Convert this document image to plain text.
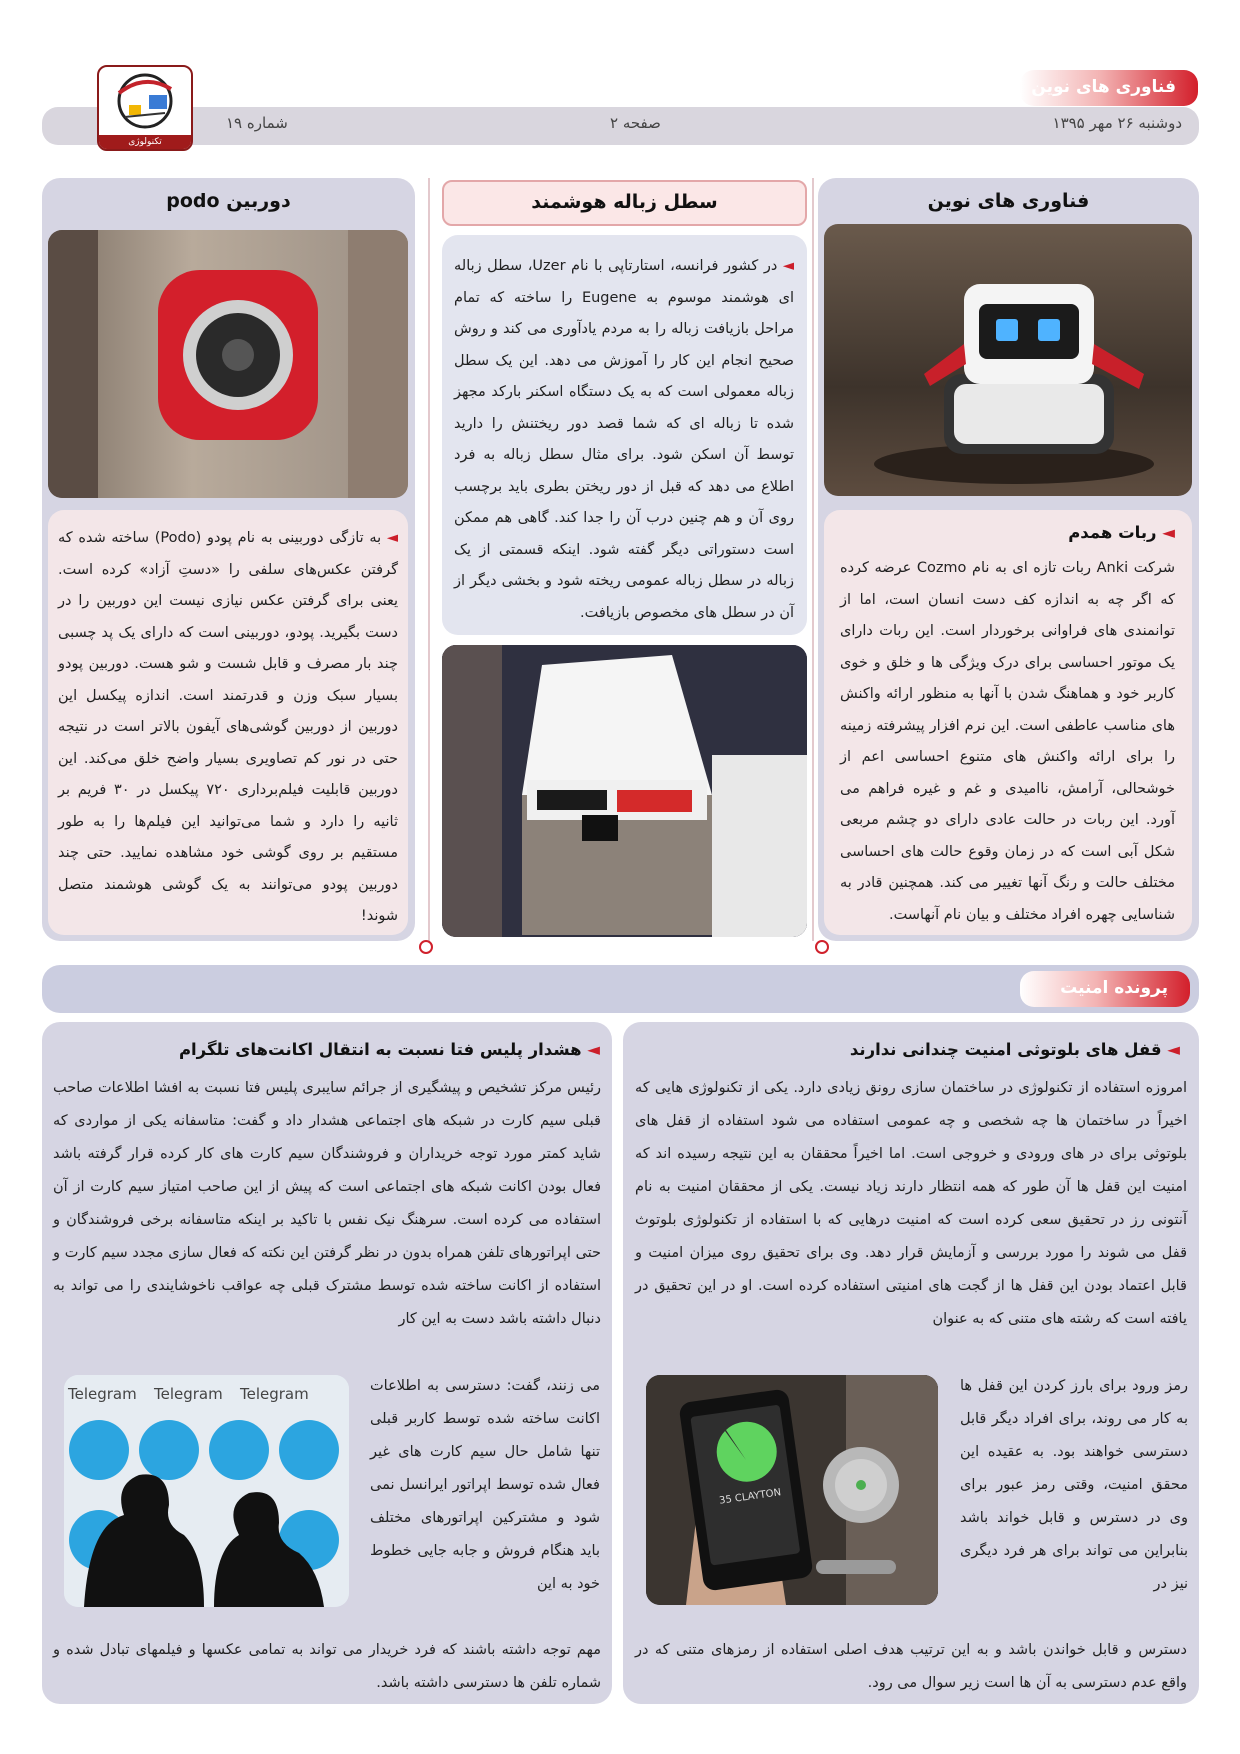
فناوری های نوین
دوشنبه ۲۶ مهر ۱۳۹۵
صفحه ۲
شماره ۱۹
تکنولوژی
فناوری های نوین
◄ ربات همدم
شرکت Anki ربات تازه ای به نام Cozmo عرضه کرده که اگر چه به اندازه کف دست انسان است، اما از توانمندی های فراوانی برخوردار است. این ربات دارای یک موتور احساسی برای درک ویژگی ها و خلق و خوی کاربر خود و هماهنگ شدن با آنها به منظور ارائه واکنش های مناسب عاطفی است. این نرم افزار پیشرفته زمینه را برای ارائه واکنش های متنوع احساسی اعم از خوشحالی، آرامش، ناامیدی و غم و غیره فراهم می آورد. این ربات در حالت عادی دارای دو چشم مربعی شکل آبی است که در زمان وقوع حالت های احساسی مختلف حالت و رنگ آنها تغییر می کند. همچنین قادر به شناسایی چهره افراد مختلف و بیان نام آنهاست.
سطل زباله هوشمند
◄ در کشور فرانسه، استارتاپی با نام Uzer، سطل زباله ای هوشمند موسوم به Eugene را ساخته که تمام مراحل بازیافت زباله را به مردم یادآوری می کند و روش صحیح انجام این کار را آموزش می دهد. این یک سطل زباله معمولی است که به یک دستگاه اسکنر بارکد مجهز شده تا زباله ای که شما قصد دور ریختنش را دارید توسط آن اسکن شود. برای مثال سطل زباله به فرد اطلاع می دهد که قبل از دور ریختن بطری باید برچسب روی آن و هم چنین درب آن را جدا کند. گاهی هم ممکن است دستوراتی دیگر گفته شود. اینکه قسمتی از یک زباله در سطل زباله عمومی ریخته شود و بخشی دیگر از آن در سطل های مخصوص بازیافت.
دوربین podo
◄ به تازگی دوربینی به نام پودو (Podo) ساخته شده که گرفتن عکس‌های سلفی را «دستِ آزاد» کرده است. یعنی برای گرفتن عکس نیازی نیست این دوربین را در دست بگیرید. پودو، دوربینی است که دارای یک پد چسبی چند بار مصرف و قابل شست و شو هست. دوربین پودو بسیار سبک وزن و قدرتمند است. اندازه پیکسل این دوربین از دوربین گوشی‌های آیفون بالاتر است در نتیجه حتی در نور کم تصاویری بسیار واضح خلق می‌کند. این دوربین قابلیت فیلم‌برداری ۷۲۰ پیکسل در ۳۰ فریم بر ثانیه را دارد و شما می‌توانید این فیلم‌ها را به طور مستقیم بر روی گوشی خود مشاهده نمایید. حتی چند دوربین پودو می‌توانند به یک گوشی هوشمند متصل شوند!
پرونده امنیت
◄ قفل های بلوتوثی امنیت چندانی ندارند
امروزه استفاده از تکنولوژی در ساختمان سازی رونق زیادی دارد. یکی از تکنولوژی هایی که اخیراً در ساختمان ها چه شخصی و چه عمومی استفاده می شود استفاده از قفل های بلوتوثی برای در های ورودی و خروجی است. اما اخیراً محققان به این نتیجه رسیده اند که امنیت این قفل ها آن طور که همه انتظار دارند زیاد نیست. یکی از محققان امنیت به نام آنتونی رز در تحقیق سعی کرده است که امنیت درهایی که با استفاده از تکنولوژی بلوتوث قفل می شوند را مورد بررسی و آزمایش قرار دهد. وی برای تحقیق روی میزان امنیت و قابل اعتماد بودن این قفل ها از گجت های امنیتی استفاده کرده است. او در این تحقیق در یافته است که رشته های متنی که به عنوان
35 CLAYTON
رمز ورود برای بارز کردن این قفل ها به کار می روند، برای افراد دیگر قابل دسترسی خواهند بود. به عقیده این محقق امنیت، وقتی رمز عبور برای وی در دسترس و قابل خواند باشد بنابراین می تواند برای هر فرد دیگری نیز در
دسترس و قابل خواندن باشد و به این ترتیب هدف اصلی استفاده از رمزهای متنی که در واقع عدم دسترسی به آن ها است زیر سوال می رود.
◄ هشدار پلیس فتا نسبت به انتقال اکانت‌های تلگرام
رئیس مرکز تشخیص و پیشگیری از جرائم سایبری پلیس فتا نسبت به افشا اطلاعات صاحب قبلی سیم کارت در شبکه های اجتماعی هشدار داد و گفت: متاسفانه یکی از مواردی که شاید کمتر مورد توجه خریداران و فروشندگان سیم کارت های کار کرده قرار گرفته باشد فعال بودن اکانت شبکه های اجتماعی است که پیش از این صاحب امتیاز سیم کارت از آن استفاده می کرده است. سرهنگ نیک نفس با تاکید بر اینکه متاسفانه برخی فروشندگان و حتی اپراتورهای تلفن همراه بدون در نظر گرفتن این نکته که فعال سازی مجدد سیم کارت و استفاده از اکانت ساخته شده توسط مشترک قبلی چه عواقب ناخوشایندی را می تواند به دنبال داشته باشد دست به این کار
Telegram Telegram Telegram	می زنند، گفت: دسترسی به اطلاعات اکانت ساخته شده توسط کاربر قبلی تنها شامل حال سیم کارت های غیر فعال شده توسط اپراتور ایرانسل نمی شود و مشترکین اپراتورهای مختلف باید هنگام فروش و جابه جایی خطوط خود به این
مهم توجه داشته باشند که فرد خریدار می تواند به تمامی عکسها و فیلمهای تبادل شده و شماره تلفن ها دسترسی داشته باشد.
